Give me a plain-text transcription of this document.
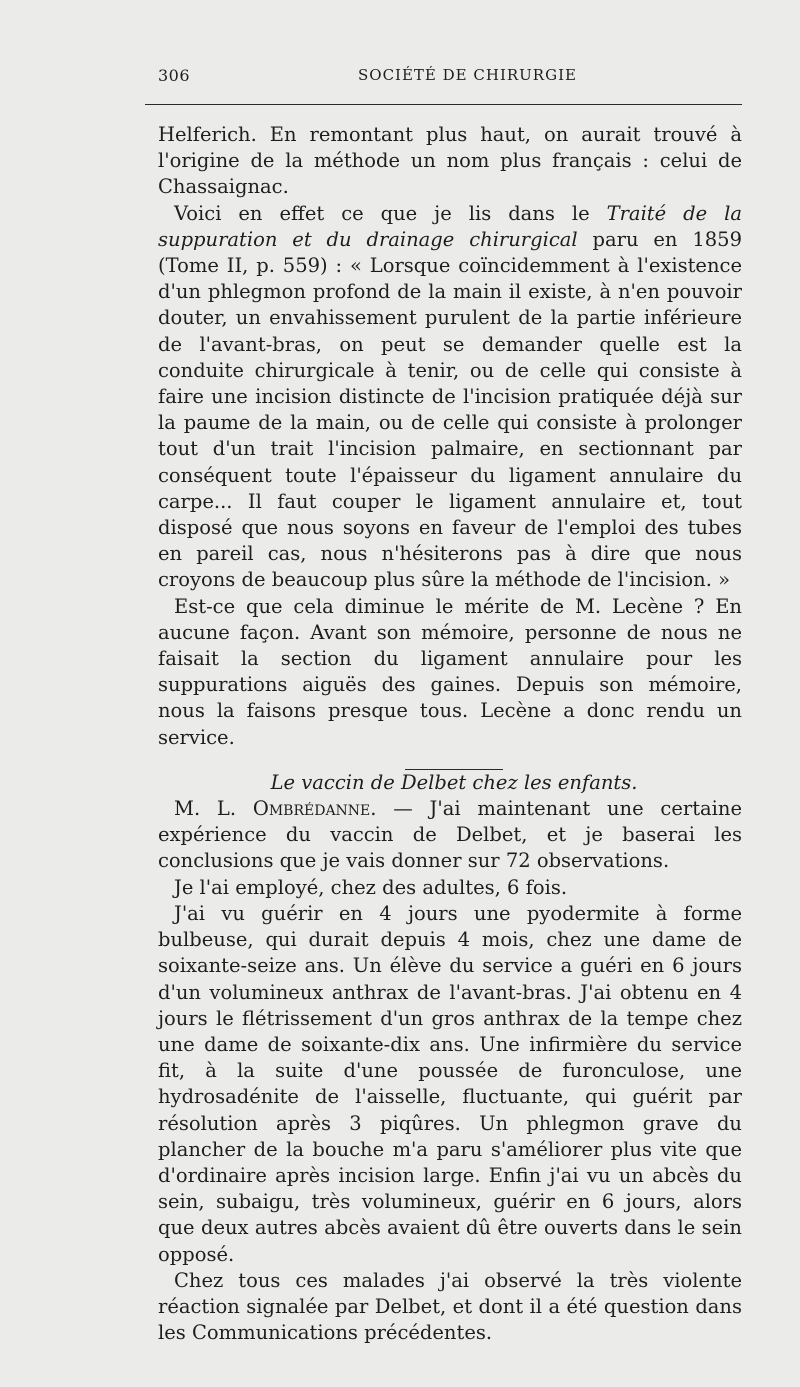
306	SOCIÉTÉ DE CHIRURGIE

Helferich. En remontant plus haut, on aurait trouvé à l'origine de la méthode un nom plus français : celui de Chassaignac.

Voici en effet ce que je lis dans le Traité de la suppuration et du drainage chirurgical paru en 1859 (Tome II, p. 559) : « Lorsque coïncidemment à l'existence d'un phlegmon profond de la main il existe, à n'en pouvoir douter, un envahissement purulent de la partie inférieure de l'avant-bras, on peut se demander quelle est la conduite chirurgicale à tenir, ou de celle qui consiste à faire une incision distincte de l'incision pratiquée déjà sur la paume de la main, ou de celle qui consiste à prolonger tout d'un trait l'incision palmaire, en sectionnant par conséquent toute l'épaisseur du ligament annulaire du carpe... Il faut couper le ligament annulaire et, tout disposé que nous soyons en faveur de l'emploi des tubes en pareil cas, nous n'hésiterons pas à dire que nous croyons de beaucoup plus sûre la méthode de l'incision. »

Est-ce que cela diminue le mérite de M. Lecène ? En aucune façon. Avant son mémoire, personne de nous ne faisait la section du ligament annulaire pour les suppurations aiguës des gaines. Depuis son mémoire, nous la faisons presque tous. Lecène a donc rendu un service.

Le vaccin de Delbet chez les enfants.

M. L. Ombrédanne. — J'ai maintenant une certaine expérience du vaccin de Delbet, et je baserai les conclusions que je vais donner sur 72 observations.

Je l'ai employé, chez des adultes, 6 fois.

J'ai vu guérir en 4 jours une pyodermite à forme bulbeuse, qui durait depuis 4 mois, chez une dame de soixante-seize ans. Un élève du service a guéri en 6 jours d'un volumineux anthrax de l'avant-bras. J'ai obtenu en 4 jours le flétrissement d'un gros anthrax de la tempe chez une dame de soixante-dix ans. Une infirmière du service fit, à la suite d'une poussée de furonculose, une hydrosadénite de l'aisselle, fluctuante, qui guérit par résolution après 3 piqûres. Un phlegmon grave du plancher de la bouche m'a paru s'améliorer plus vite que d'ordinaire après incision large. Enfin j'ai vu un abcès du sein, subaigu, très volumineux, guérir en 6 jours, alors que deux autres abcès avaient dû être ouverts dans le sein opposé.

Chez tous ces malades j'ai observé la très violente réaction signalée par Delbet, et dont il a été question dans les Communications précédentes.
